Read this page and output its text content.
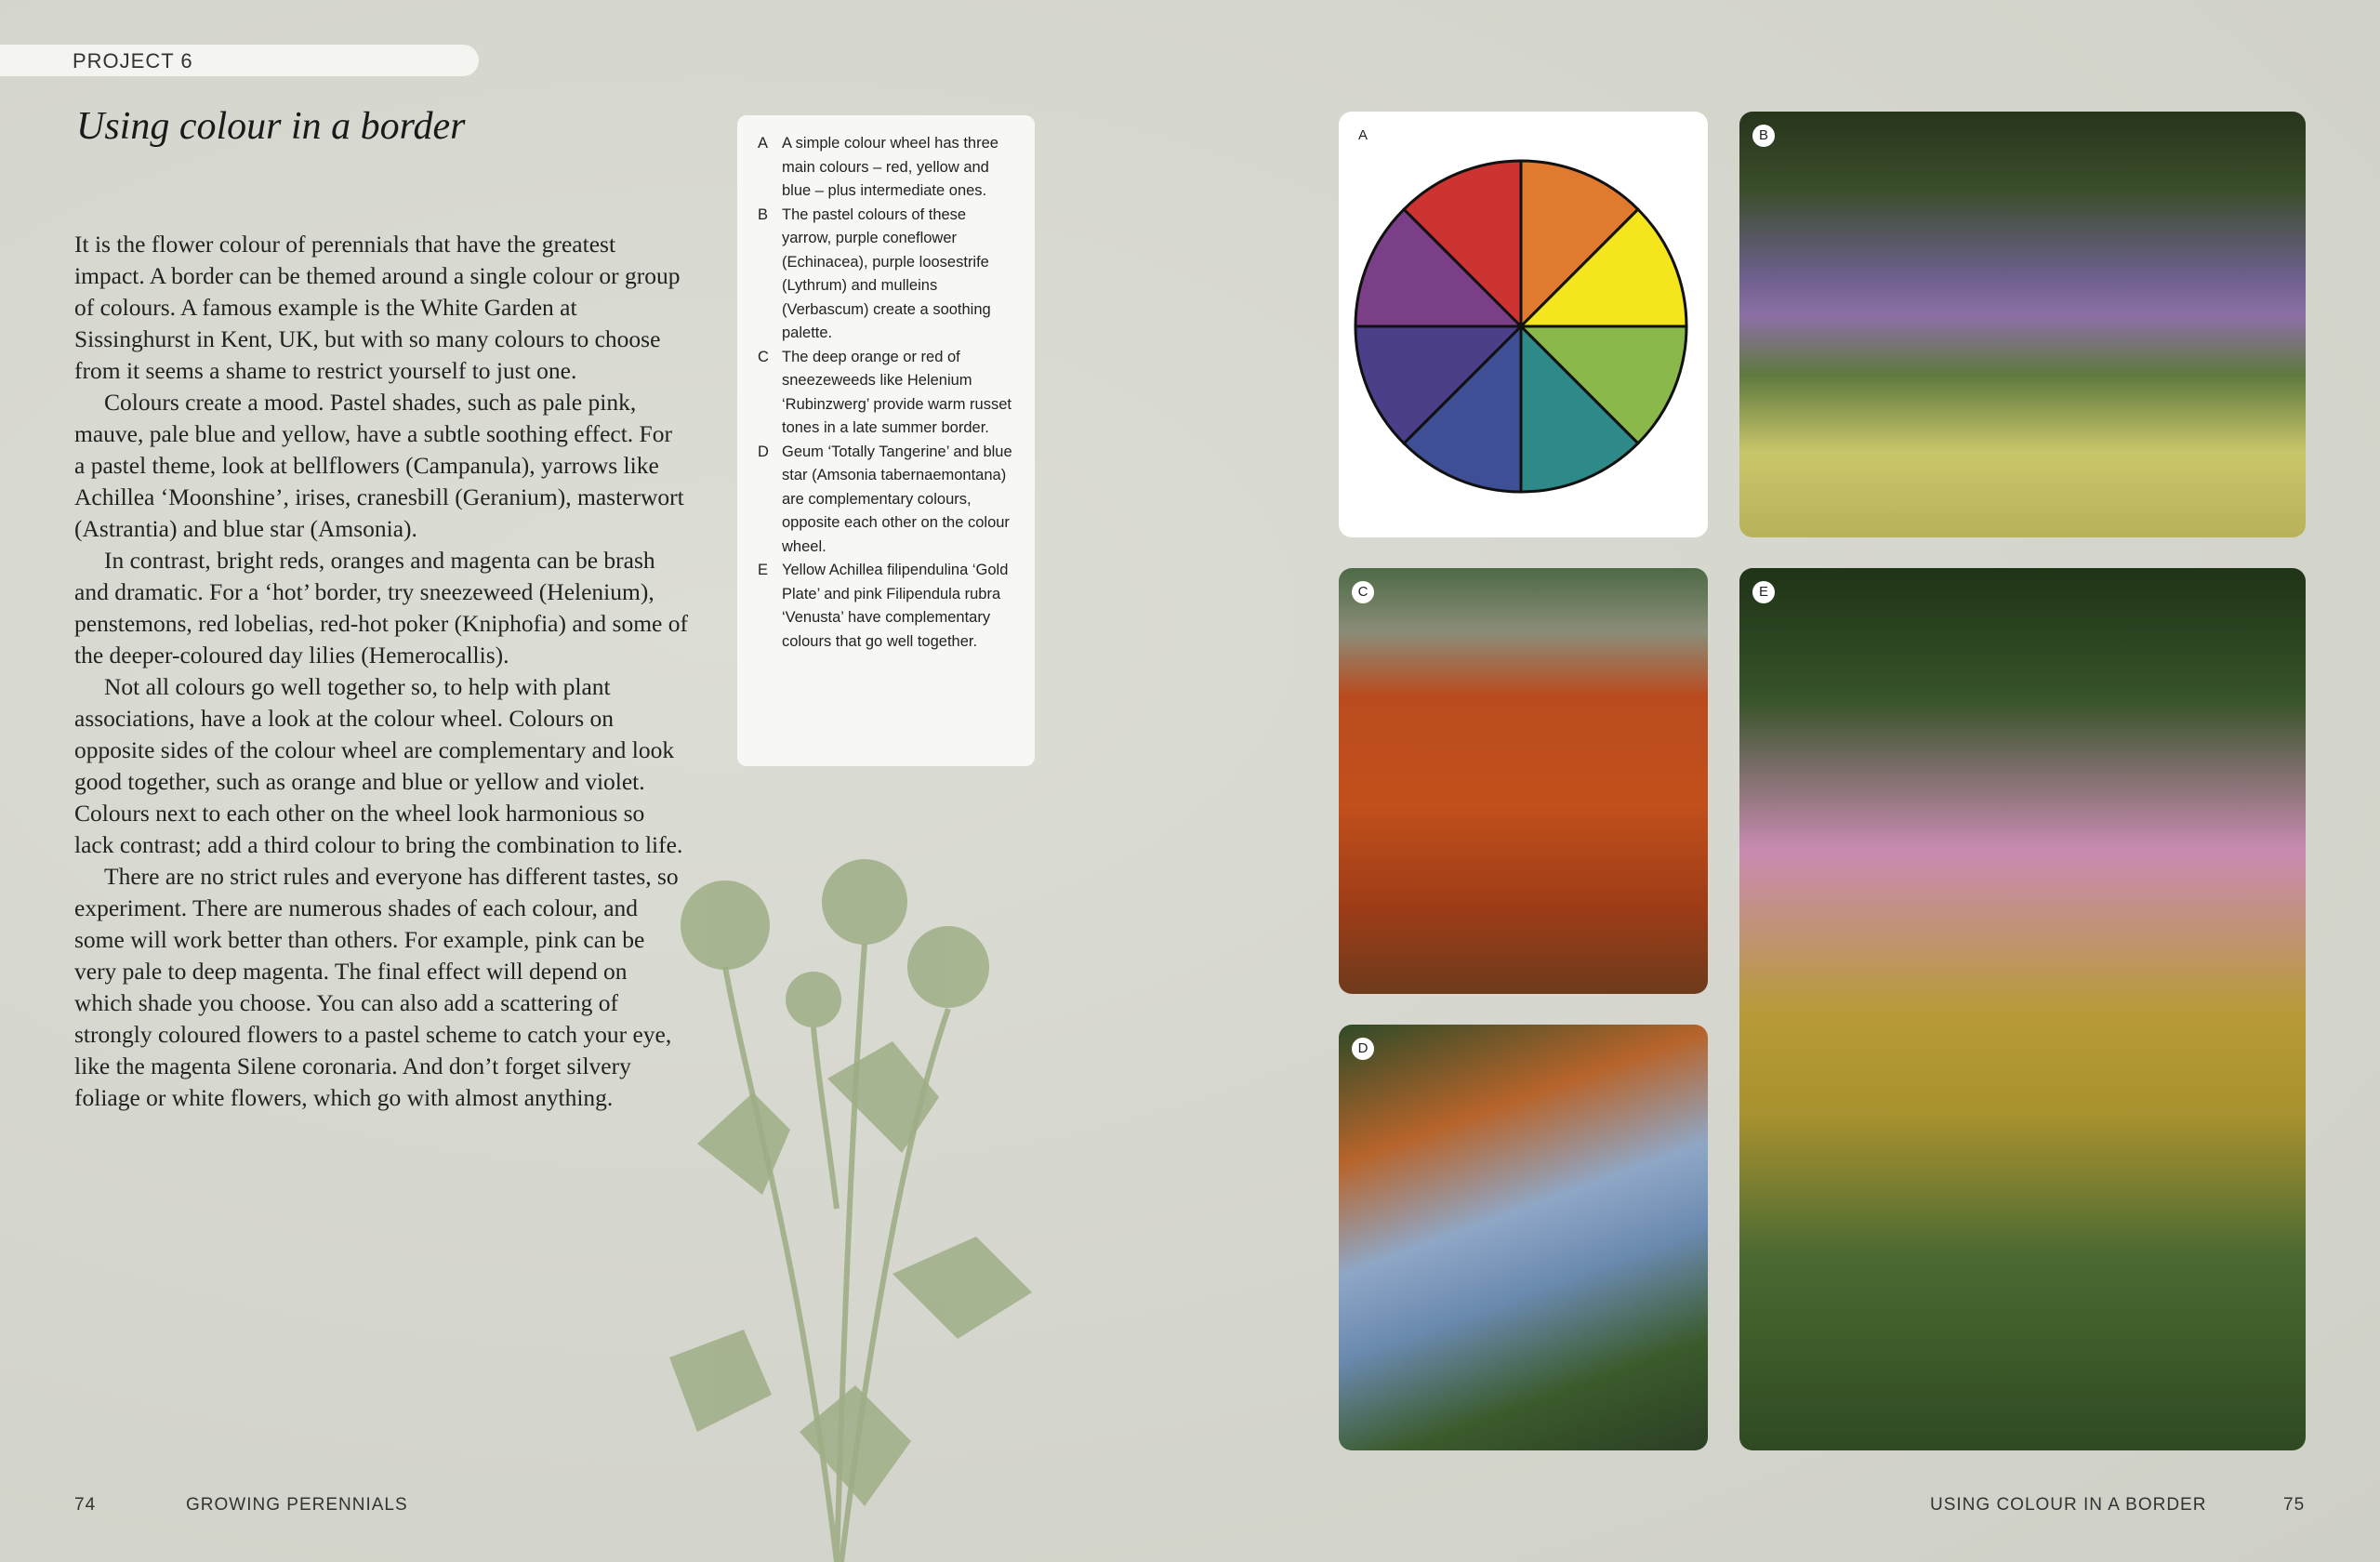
PROJECT 6
Using colour in a border

It is the flower colour of perennials that have the greatest impact. A border can be themed around a single colour or group of colours. A famous example is the White Garden at Sissinghurst in Kent, UK, but with so many colours to choose from it seems a shame to restrict yourself to just one.

Colours create a mood. Pastel shades, such as pale pink, mauve, pale blue and yellow, have a subtle soothing effect. For a pastel theme, look at bellflowers (Campanula), yarrows like Achillea ‘Moonshine’, irises, cranesbill (Geranium), masterwort (Astrantia) and blue star (Amsonia).

In contrast, bright reds, oranges and magenta can be brash and dramatic. For a ‘hot’ border, try sneezeweed (Helenium), penstemons, red lobelias, red-hot poker (Kniphofia) and some of the deeper-coloured day lilies (Hemerocallis).

Not all colours go well together so, to help with plant associations, have a look at the colour wheel. Colours on opposite sides of the colour wheel are complementary and look good together, such as orange and blue or yellow and violet. Colours next to each other on the wheel look harmonious so lack contrast; add a third colour to bring the combination to life.

There are no strict rules and everyone has different tastes, so experiment. There are numerous shades of each colour, and some will work better than others. For example, pink can be very pale to deep magenta. The final effect will depend on which shade you choose. You can also add a scattering of strongly coloured flowers to a pastel scheme to catch your eye, like the magenta Silene coronaria. And don’t forget silvery foliage or white flowers, which go with almost anything.

A A simple colour wheel has three main colours – red, yellow and blue – plus intermediate ones.
B The pastel colours of these yarrow, purple coneflower (Echinacea), purple loosestrife (Lythrum) and mulleins (Verbascum) create a soothing palette.
C The deep orange or red of sneezeweeds like Helenium ‘Rubinzwerg’ provide warm russet tones in a late summer border.
D Geum ‘Totally Tangerine’ and blue star (Amsonia tabernaemontana) are complementary colours, opposite each other on the colour wheel.
E Yellow Achillea filipendulina ‘Gold Plate’ and pink Filipendula rubra ‘Venusta’ have complementary colours that go well together.
A	B
C
D
E
74	GROWING PERENNIALS	USING COLOUR IN A BORDER	75
